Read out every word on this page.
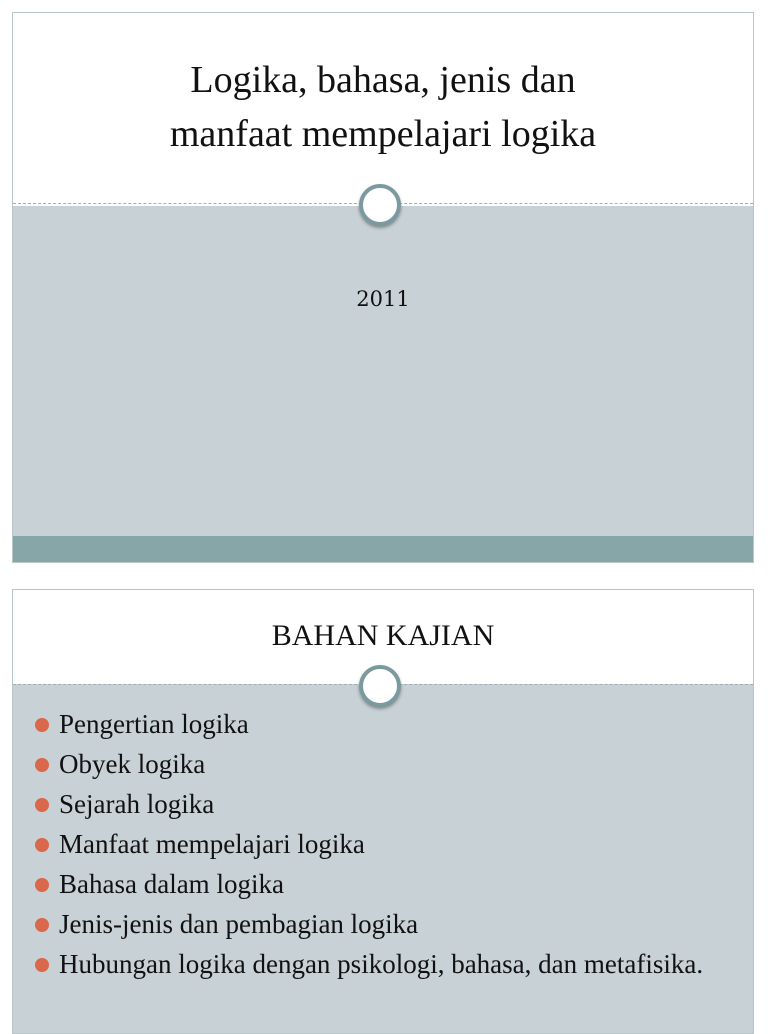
Logika, bahasa, jenis dan
manfaat mempelajari logika
2011
BAHAN KAJIAN
Pengertian logika
Obyek logika
Sejarah logika
Manfaat mempelajari logika
Bahasa dalam logika
Jenis-jenis dan pembagian logika
Hubungan logika dengan psikologi, bahasa, dan metafisika.
